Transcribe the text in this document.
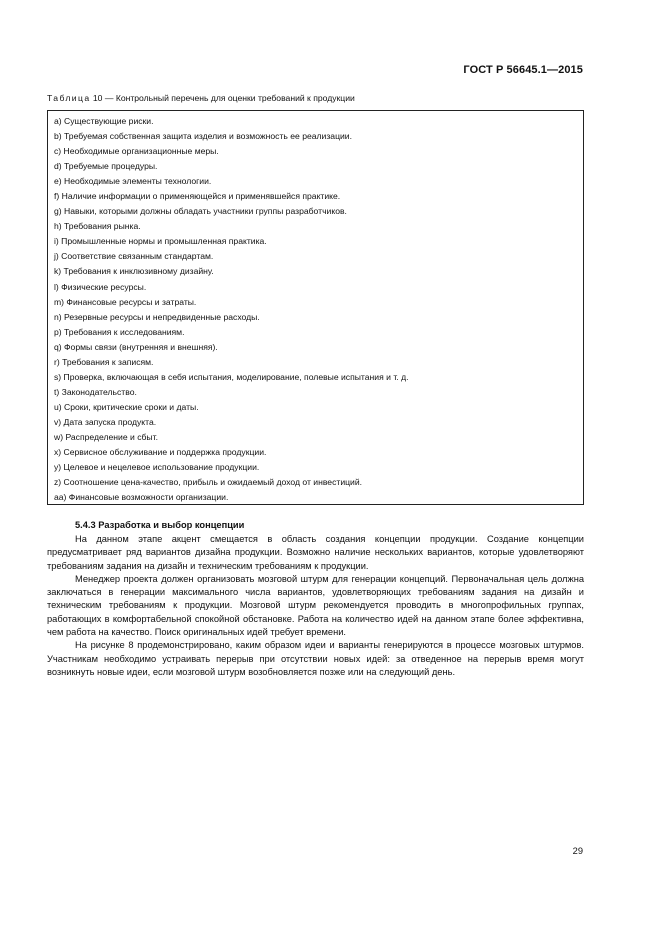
ГОСТ Р 56645.1—2015
Таблица 10 — Контрольный перечень для оценки требований к продукции
a) Существующие риски.
b) Требуемая собственная защита изделия и возможность ее реализации.
c) Необходимые организационные меры.
d) Требуемые процедуры.
e) Необходимые элементы технологии.
f) Наличие информации о применяющейся и применявшейся практике.
g) Навыки, которыми должны обладать участники группы разработчиков.
h) Требования рынка.
i) Промышленные нормы и промышленная практика.
j) Соответствие связанным стандартам.
k) Требования к инклюзивному дизайну.
l) Физические ресурсы.
m) Финансовые ресурсы и затраты.
n) Резервные ресурсы и непредвиденные расходы.
p) Требования к исследованиям.
q) Формы связи (внутренняя и внешняя).
r) Требования к записям.
s) Проверка, включающая в себя испытания, моделирование, полевые испытания и т. д.
t) Законодательство.
u) Сроки, критические сроки и даты.
v) Дата запуска продукта.
w) Распределение и сбыт.
x) Сервисное обслуживание и поддержка продукции.
y) Целевое и нецелевое использование продукции.
z) Соотношение цена-качество, прибыль и ожидаемый доход от инвестиций.
aa) Финансовые возможности организации.
5.4.3 Разработка и выбор концепции

На данном этапе акцент смещается в область создания концепции продукции. Создание концепции предусматривает ряд вариантов дизайна продукции. Возможно наличие нескольких вариантов, которые удовлетворяют требованиям задания на дизайн и техническим требованиям к продукции.

Менеджер проекта должен организовать мозговой штурм для генерации концепций. Первоначальная цель должна заключаться в генерации максимального числа вариантов, удовлетворяющих требованиям задания на дизайн и техническим требованиям к продукции. Мозговой штурм рекомендуется проводить в многопрофильных группах, работающих в комфортабельной спокойной обстановке. Работа на количество идей на данном этапе более эффективна, чем работа на качество. Поиск оригинальных идей требует времени.

На рисунке 8 продемонстрировано, каким образом идеи и варианты генерируются в процессе мозговых штурмов. Участникам необходимо устраивать перерыв при отсутствии новых идей: за отведенное на перерыв время могут возникнуть новые идеи, если мозговой штурм возобновляется позже или на следующий день.

29
